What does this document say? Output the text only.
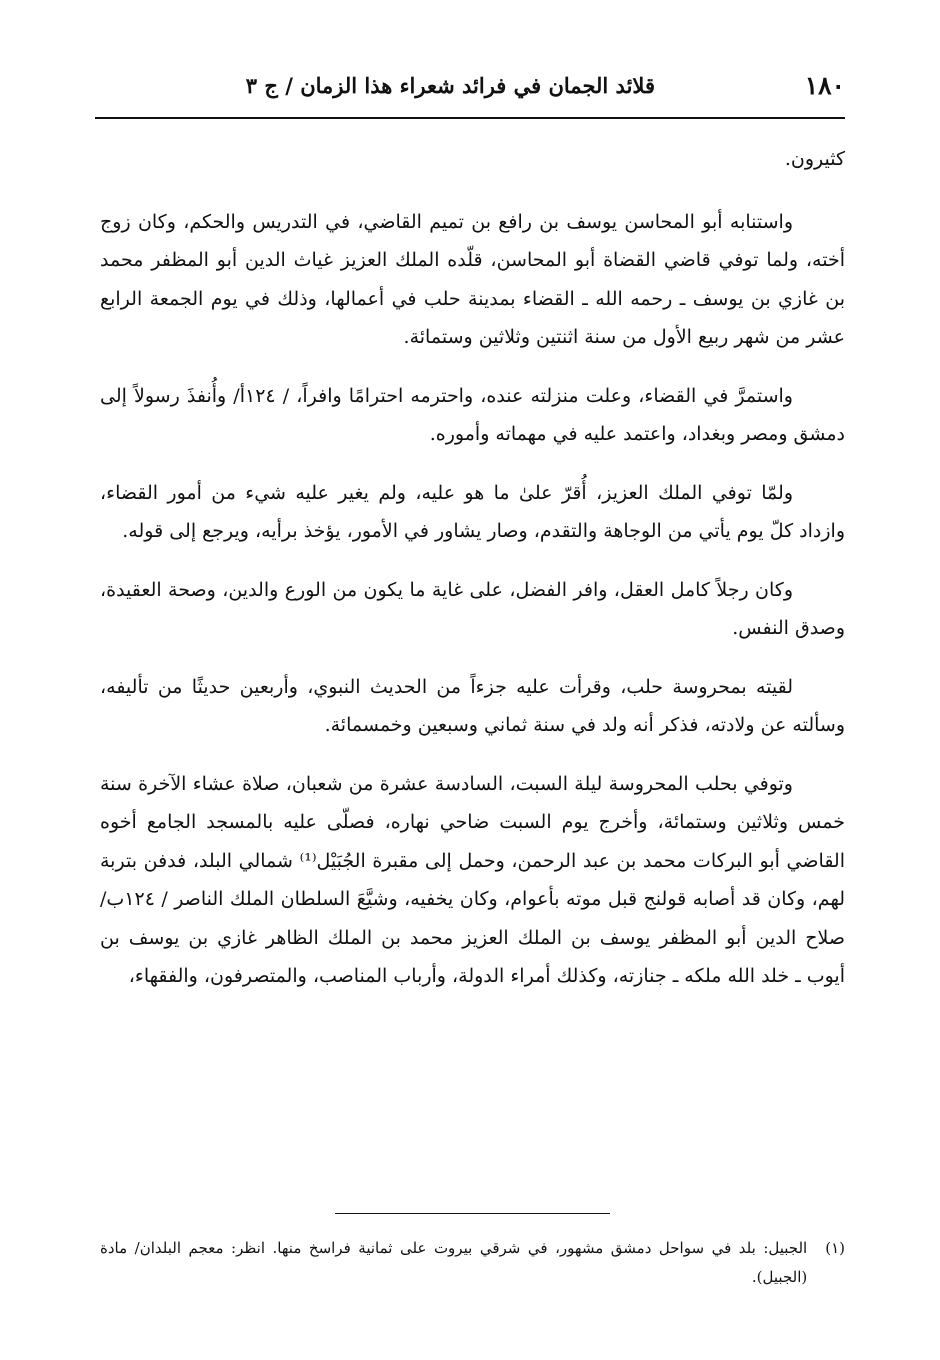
١٨٠
قلائد الجمان في فرائد شعراء هذا الزمان / ج ٣

كثيرون.

واستنابه أبو المحاسن يوسف بن رافع بن تميم القاضي، في التدريس والحكم، وكان زوج أخته، ولما توفي قاضي القضاة أبو المحاسن، قلّده الملك العزيز غياث الدين أبو المظفر محمد بن غازي بن يوسف ـ رحمه الله ـ القضاء بمدينة حلب في أعمالها، وذلك في يوم الجمعة الرابع عشر من شهر ربيع الأول من سنة اثنتين وثلاثين وستمائة.

واستمرَّ في القضاء، وعلت منزلته عنده، واحترمه احترامًا وافراً، / ١٢٤أ/ وأُنفذَ رسولاً إلى دمشق ومصر وبغداد، واعتمد عليه في مهماته وأموره.

ولمّا توفي الملك العزيز، أُقرّ علىٰ ما هو عليه، ولم يغير عليه شيء من أمور القضاء، وازداد كلّ يوم يأتي من الوجاهة والتقدم، وصار يشاور في الأمور، يؤخذ برأيه، ويرجع إلى قوله.

وكان رجلاً كامل العقل، وافر الفضل، على غاية ما يكون من الورع والدين، وصحة العقيدة، وصدق النفس.

لقيته بمحروسة حلب، وقرأت عليه جزءاً من الحديث النبوي، وأربعين حديثًا من تأليفه، وسألته عن ولادته، فذكر أنه ولد في سنة ثماني وسبعين وخمسمائة.

وتوفي بحلب المحروسة ليلة السبت، السادسة عشرة من شعبان، صلاة عشاء الآخرة سنة خمس وثلاثين وستمائة، وأخرج يوم السبت ضاحي نهاره، فصلّى عليه بالمسجد الجامع أخوه القاضي أبو البركات محمد بن عبد الرحمن، وحمل إلى مقبرة الجُبَيْل⁽¹⁾ شمالي البلد، فدفن بتربة لهم، وكان قد أصابه قولنج قبل موته بأعوام، وكان يخفيه، وشيَّعَ السلطان الملك الناصر / ١٢٤ب/ صلاح الدين أبو المظفر يوسف بن الملك العزيز محمد بن الملك الظاهر غازي بن يوسف بن أيوب ـ خلد الله ملكه ـ جنازته، وكذلك أمراء الدولة، وأرباب المناصب، والمتصرفون، والفقهاء،

(١)
الجبيل: بلد في سواحل دمشق مشهور، في شرقي بيروت على ثمانية فراسخ منها. انظر: معجم البلدان/ مادة (الجبيل).
